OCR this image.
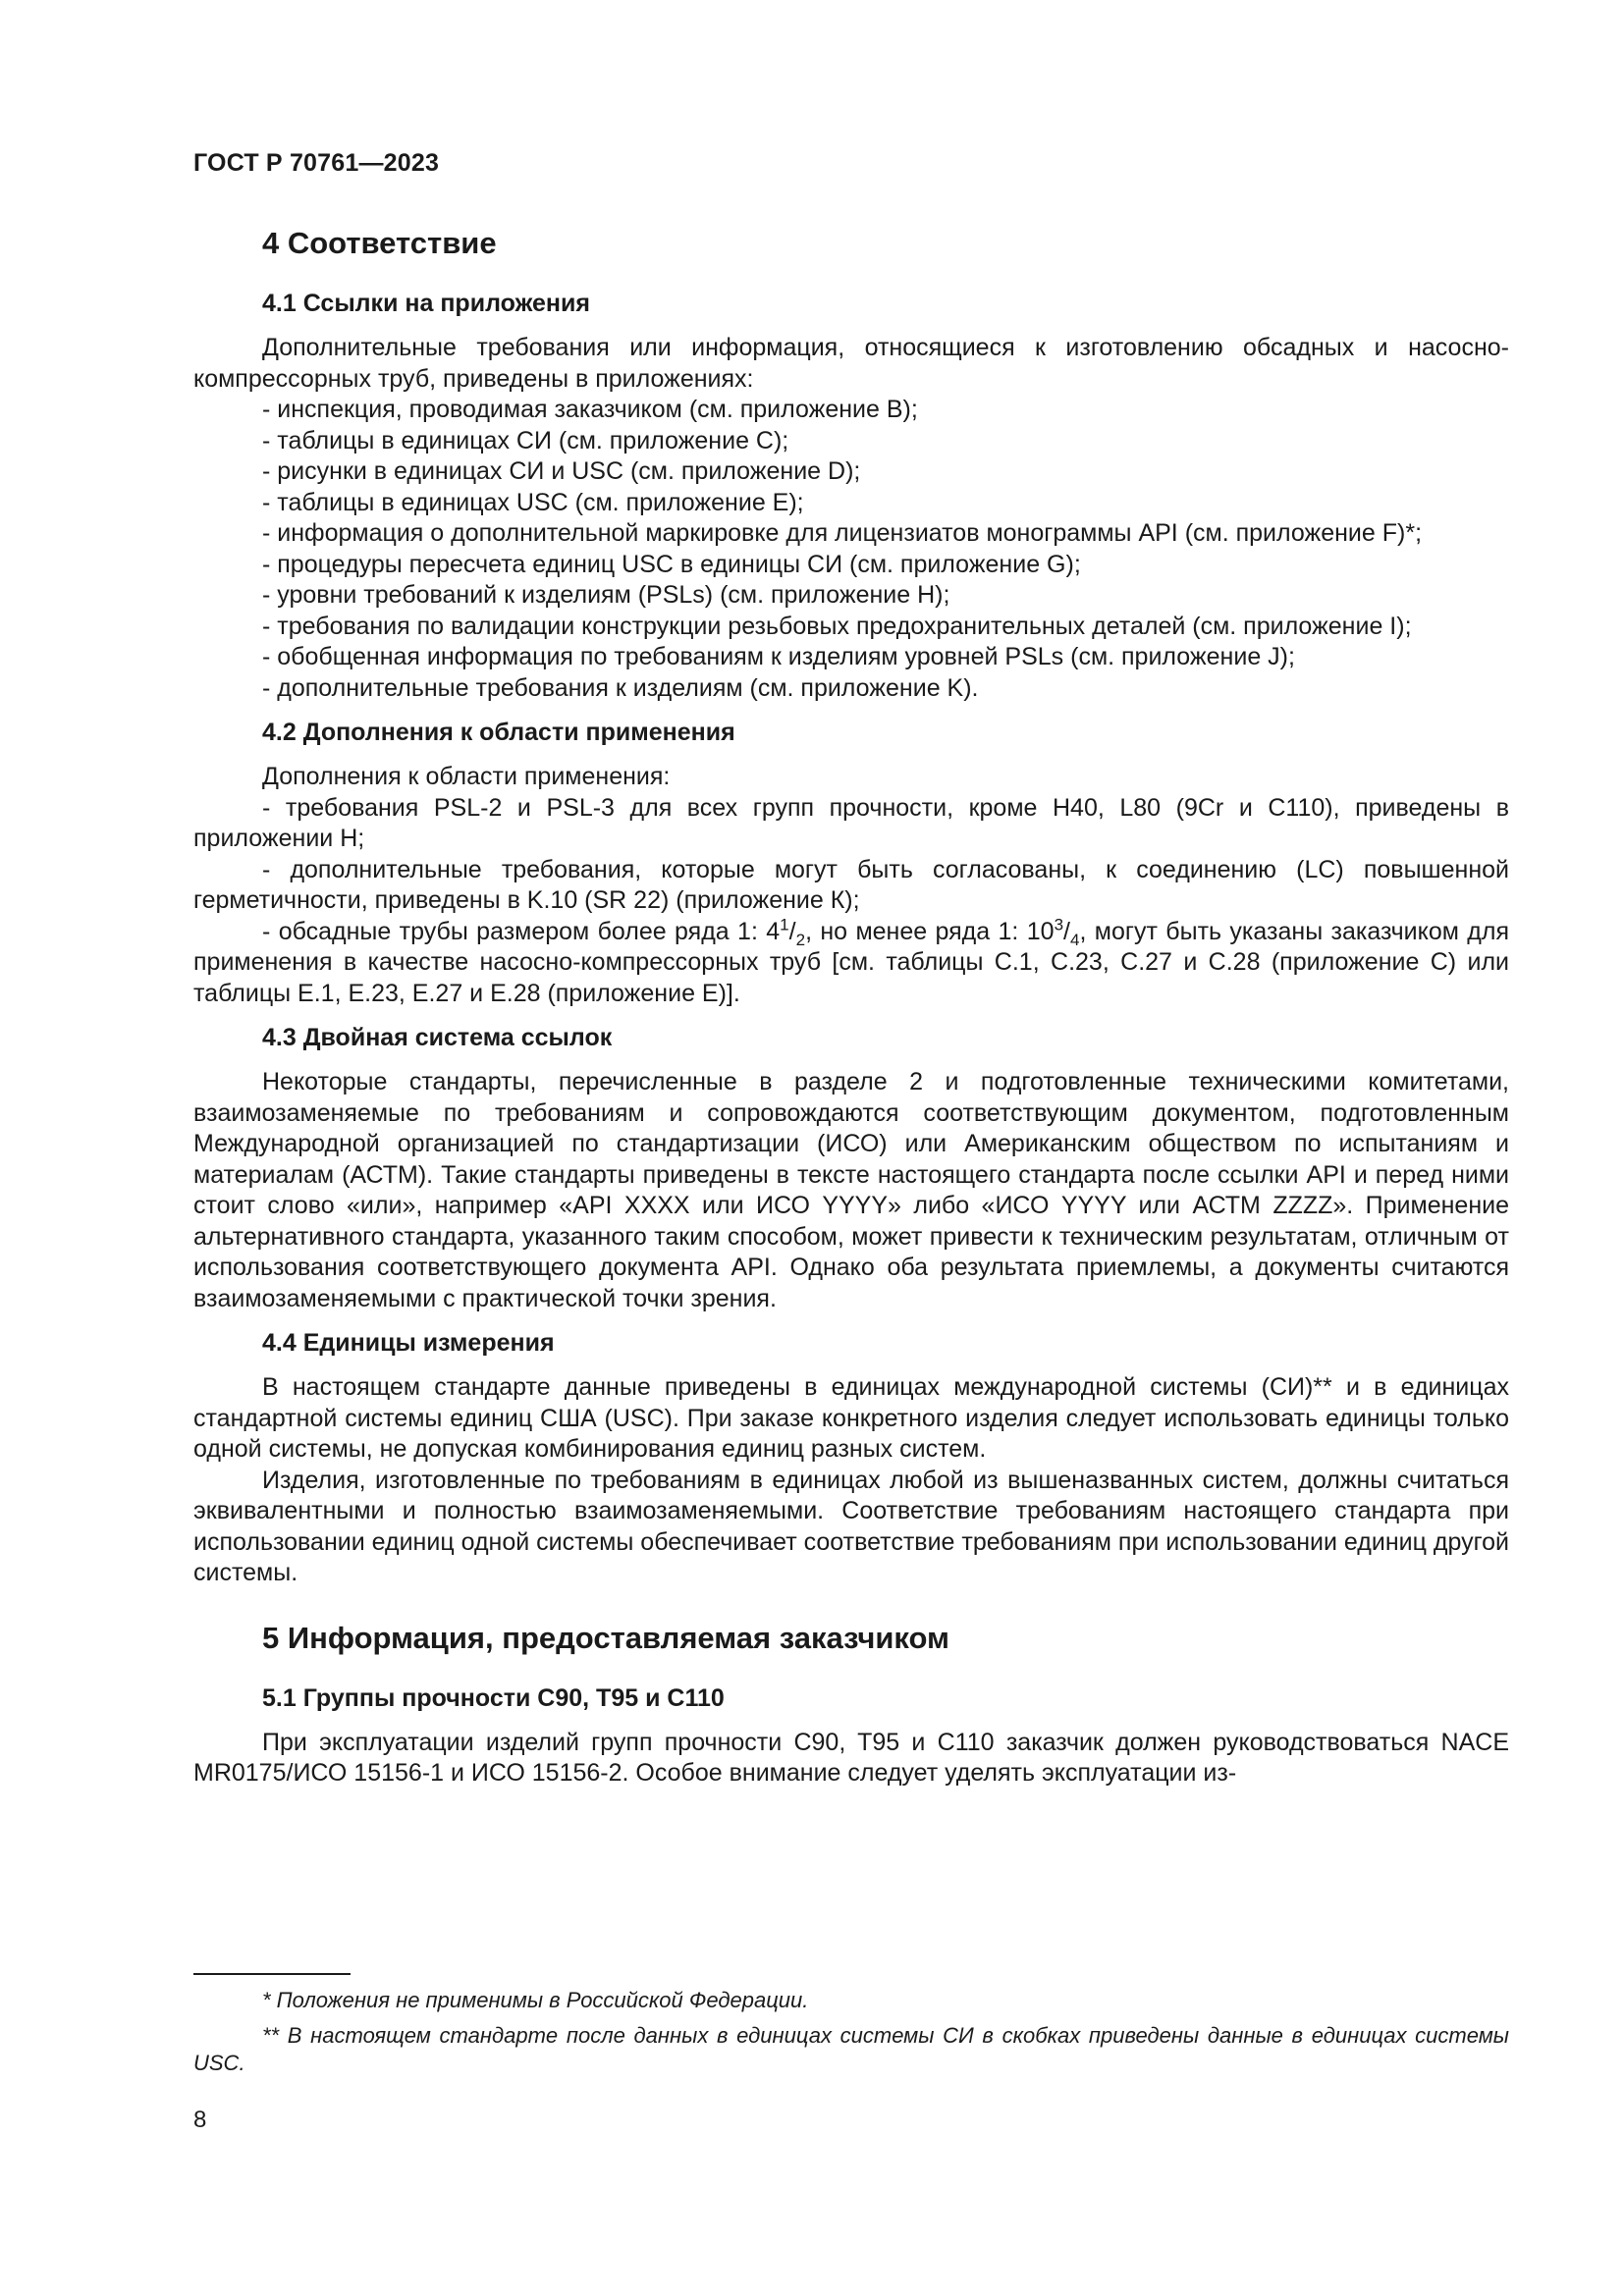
ГОСТ Р 70761—2023
4 Соответствие
4.1 Ссылки на приложения

Дополнительные требования или информация, относящиеся к изготовлению обсадных и насосно-компрессорных труб, приведены в приложениях:

- инспекция, проводимая заказчиком (см. приложение B);

- таблицы в единицах СИ (см. приложение C);

- рисунки в единицах СИ и USC (см. приложение D);

- таблицы в единицах USC (см. приложение E);

- информация о дополнительной маркировке для лицензиатов монограммы API (см. приложение F)*;

- процедуры пересчета единиц USC в единицы СИ (см. приложение G);

- уровни требований к изделиям (PSLs) (см. приложение H);

- требования по валидации конструкции резьбовых предохранительных деталей (см. приложение I);

- обобщенная информация по требованиям к изделиям уровней PSLs (см. приложение J);

- дополнительные требования к изделиям (см. приложение K).

4.2 Дополнения к области применения

Дополнения к области применения:

- требования PSL-2 и PSL-3 для всех групп прочности, кроме H40, L80 (9Cr и C110), приведены в приложении H;

- дополнительные требования, которые могут быть согласованы, к соединению (LC) повышенной герметичности, приведены в K.10 (SR 22) (приложение К);

- обсадные трубы размером более ряда 1: $4^1/_2$, но менее ряда 1: $10^3/_4$, могут быть указаны заказчиком для применения в качестве насосно-компрессорных труб [см. таблицы C.1, C.23, C.27 и C.28 (приложение C) или таблицы E.1, E.23, E.27 и E.28 (приложение E)].

4.3 Двойная система ссылок

Некоторые стандарты, перечисленные в разделе 2 и подготовленные техническими комитетами, взаимозаменяемые по требованиям и сопровождаются соответствующим документом, подготовленным Международной организацией по стандартизации (ИСО) или Американским обществом по испытаниям и материалам (АСТМ). Такие стандарты приведены в тексте настоящего стандарта после ссылки API и перед ними стоит слово «или», например «API XXXX или ИСО YYYY» либо «ИСО YYYY или АСТМ ZZZZ». Применение альтернативного стандарта, указанного таким способом, может привести к техническим результатам, отличным от использования соответствующего документа API. Однако оба результата приемлемы, а документы считаются взаимозаменяемыми с практической точки зрения.

4.4 Единицы измерения

В настоящем стандарте данные приведены в единицах международной системы (СИ)** и в единицах стандартной системы единиц США (USC). При заказе конкретного изделия следует использовать единицы только одной системы, не допуская комбинирования единиц разных систем.

Изделия, изготовленные по требованиям в единицах любой из вышеназванных систем, должны считаться эквивалентными и полностью взаимозаменяемыми. Соответствие требованиям настоящего стандарта при использовании единиц одной системы обеспечивает соответствие требованиям при использовании единиц другой системы.

5 Информация, предоставляемая заказчиком
5.1 Группы прочности C90, T95 и C110

При эксплуатации изделий групп прочности C90, T95 и C110 заказчик должен руководствоваться NACE MR0175/ИСО 15156-1 и ИСО 15156-2. Особое внимание следует уделять эксплуатации из-

* Положения не применимы в Российской Федерации.

** В настоящем стандарте после данных в единицах системы СИ в скобках приведены данные в единицах системы USC.

8
